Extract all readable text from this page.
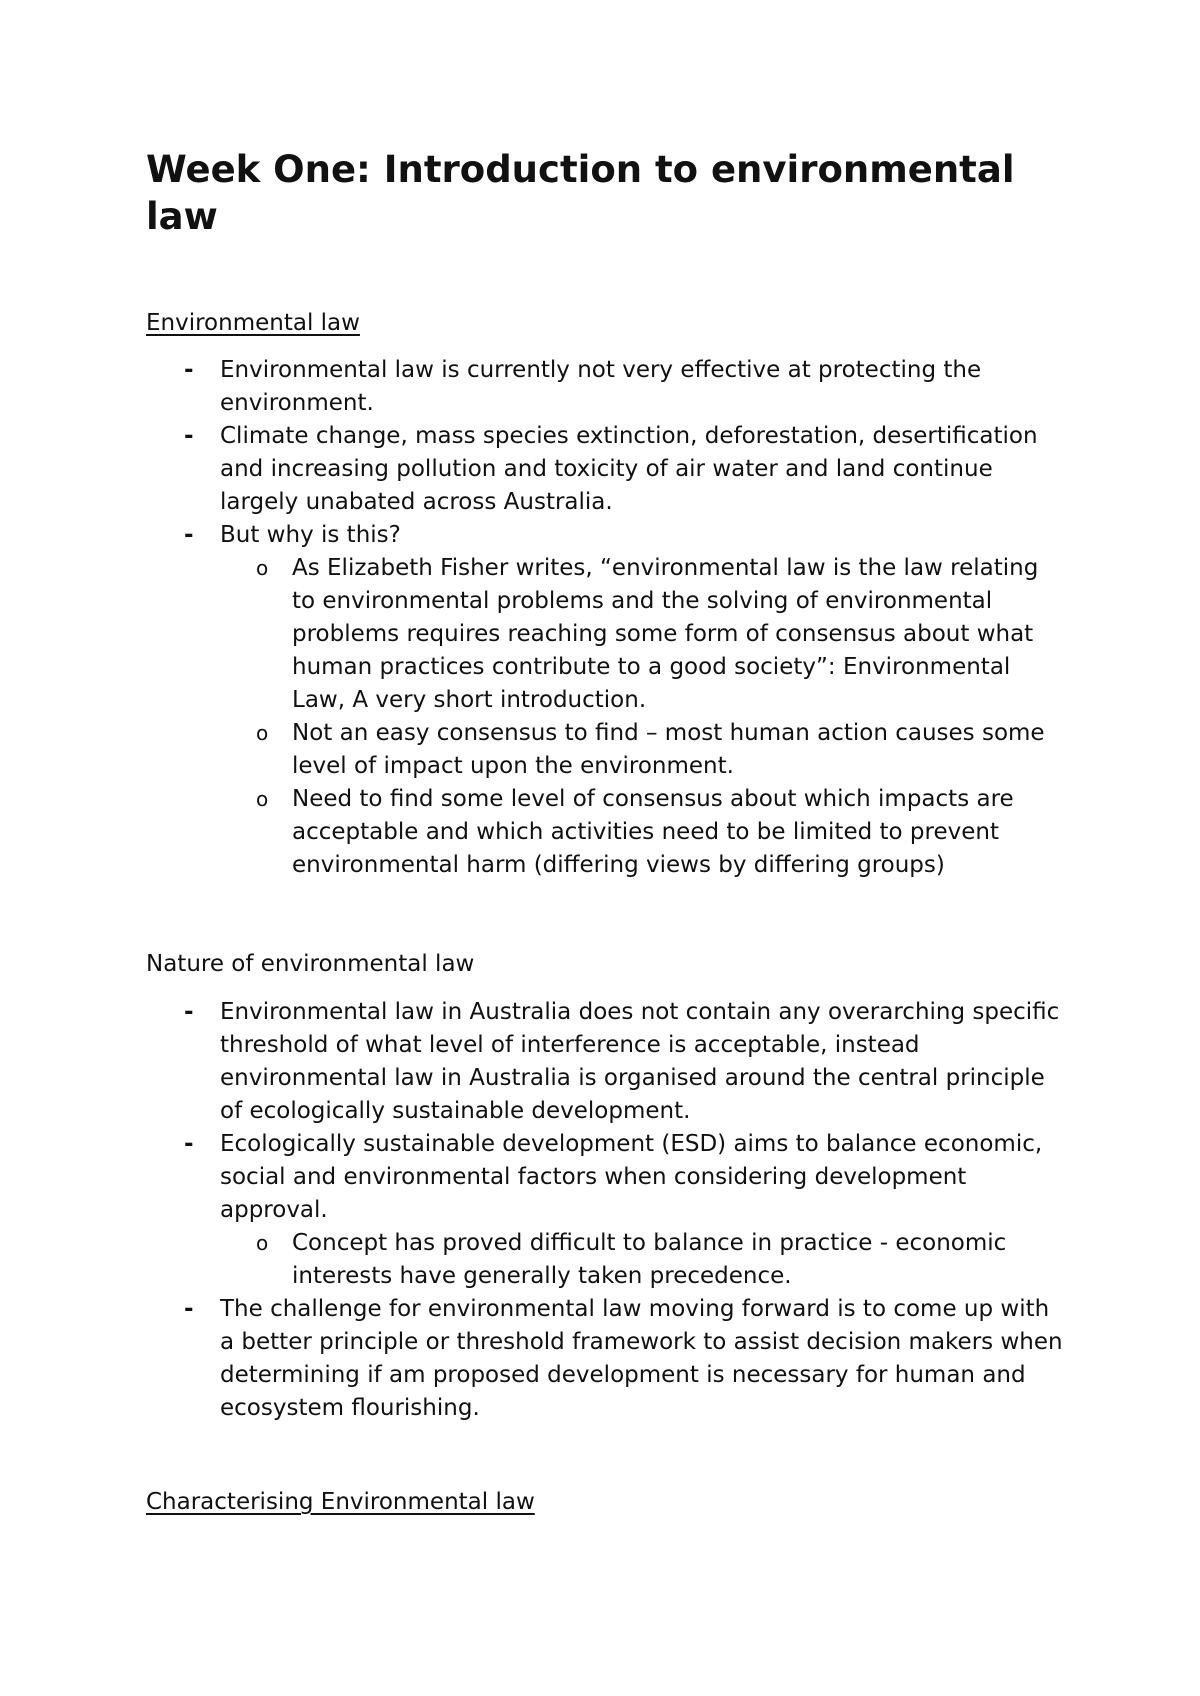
Week One: Introduction to environmental law
Environmental law
- Environmental law is currently not very effective at protecting the environment.
- Climate change, mass species extinction, deforestation, desertification and increasing pollution and toxicity of air water and land continue largely unabated across Australia.
- But why is this?
o As Elizabeth Fisher writes, “environmental law is the law relating to environmental problems and the solving of environmental problems requires reaching some form of consensus about what human practices contribute to a good society”: Environmental Law, A very short introduction.
o Not an easy consensus to find – most human action causes some level of impact upon the environment.
o Need to find some level of consensus about which impacts are acceptable and which activities need to be limited to prevent environmental harm (differing views by differing groups)
Nature of environmental law
- Environmental law in Australia does not contain any overarching specific threshold of what level of interference is acceptable, instead environmental law in Australia is organised around the central principle of ecologically sustainable development.
- Ecologically sustainable development (ESD) aims to balance economic, social and environmental factors when considering development approval.
o Concept has proved difficult to balance in practice - economic interests have generally taken precedence.
- The challenge for environmental law moving forward is to come up with a better principle or threshold framework to assist decision makers when determining if am proposed development is necessary for human and ecosystem flourishing.
Characterising Environmental law
